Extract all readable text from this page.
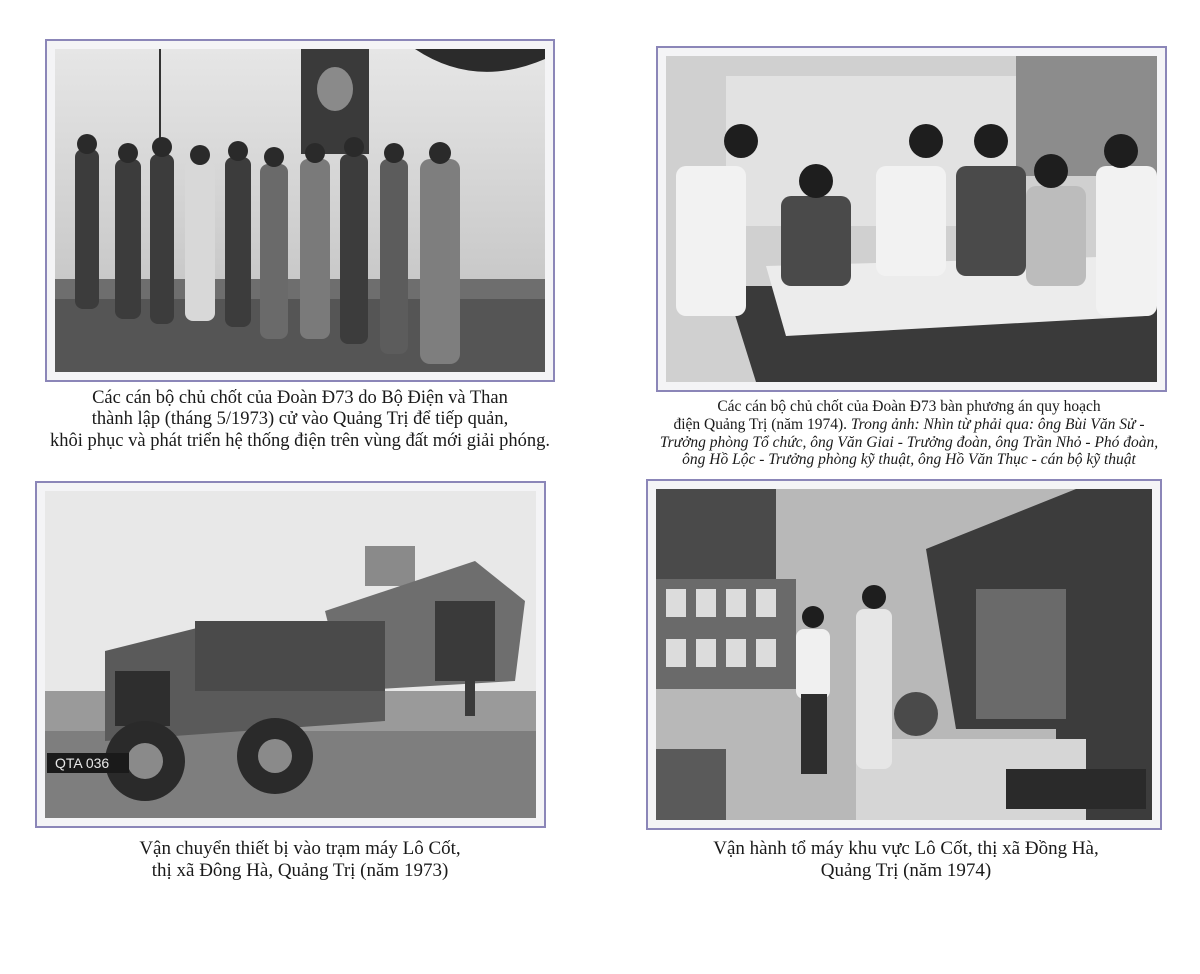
Các cán bộ chủ chốt của Đoàn Đ73 do Bộ Điện và Than
thành lập (tháng 5/1973) cử vào Quảng Trị để tiếp quản,
khôi phục và phát triển hệ thống điện trên vùng đất mới giải phóng.
Các cán bộ chủ chốt của Đoàn Đ73 bàn phương án quy hoạch
điện Quảng Trị (năm 1974). Trong ảnh: Nhìn từ phải qua: ông Bùi Văn Sử -
Trưởng phòng Tổ chức, ông Văn Giai - Trưởng đoàn, ông Trần Nhỏ - Phó đoàn,
ông Hồ Lộc - Trưởng phòng kỹ thuật, ông Hồ Văn Thục - cán bộ kỹ thuật
QTA 036
Vận chuyển thiết bị vào trạm máy Lô Cốt,
thị xã Đông Hà, Quảng Trị (năm 1973)
Vận hành tổ máy khu vực Lô Cốt, thị xã Đồng Hà,
Quảng Trị (năm 1974)
